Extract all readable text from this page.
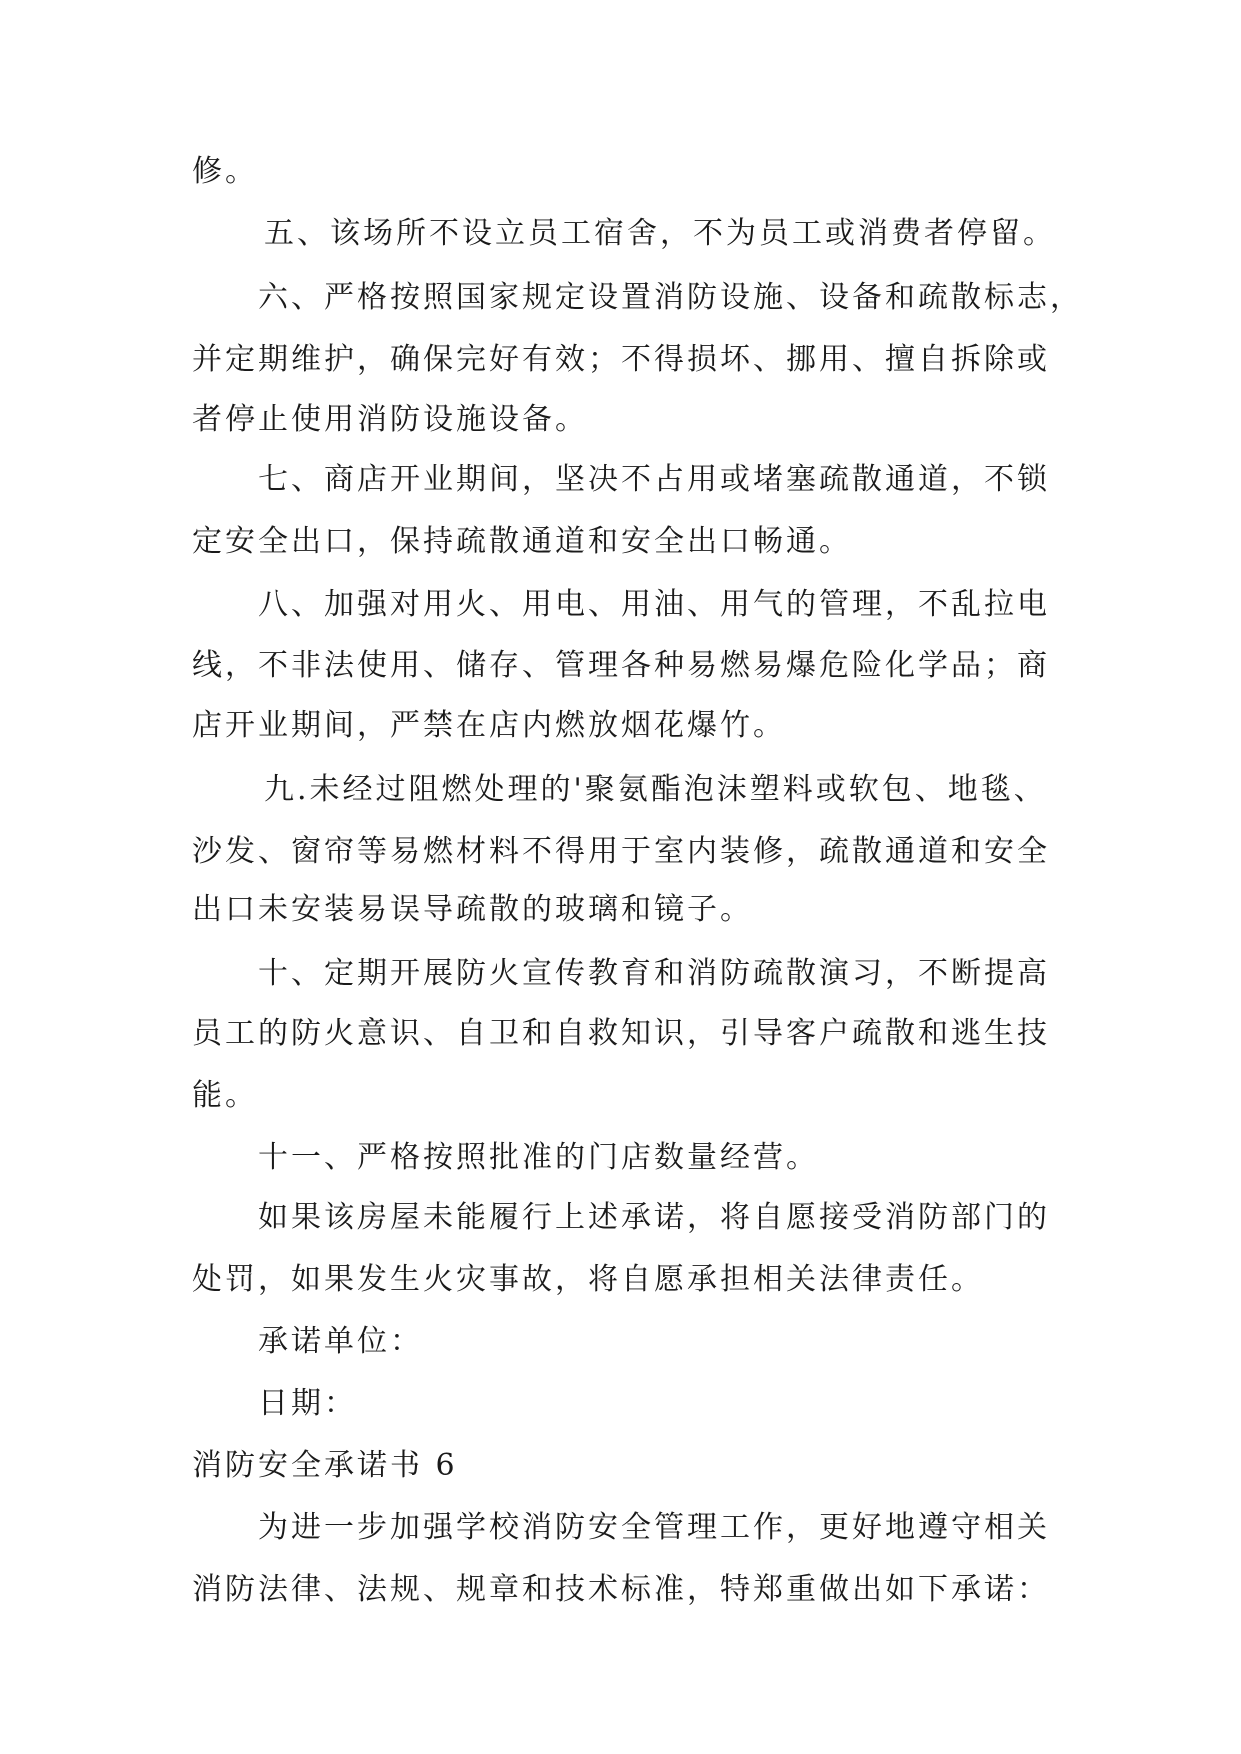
修。
五、该场所不设立员工宿舍，不为员工或消费者停留。
六、严格按照国家规定设置消防设施、设备和疏散标志，
并定期维护，确保完好有效；不得损坏、挪用、擅自拆除或
者停止使用消防设施设备。
七、商店开业期间，坚决不占用或堵塞疏散通道，不锁
定安全出口，保持疏散通道和安全出口畅通。
八、加强对用火、用电、用油、用气的管理，不乱拉电
线，不非法使用、储存、管理各种易燃易爆危险化学品；商
店开业期间，严禁在店内燃放烟花爆竹。
九.未经过阻燃处理的'聚氨酯泡沫塑料或软包、地毯、
沙发、窗帘等易燃材料不得用于室内装修，疏散通道和安全
出口未安装易误导疏散的玻璃和镜子。
十、定期开展防火宣传教育和消防疏散演习，不断提高
员工的防火意识、自卫和自救知识，引导客户疏散和逃生技
能。
十一、严格按照批准的门店数量经营。
如果该房屋未能履行上述承诺，将自愿接受消防部门的
处罚，如果发生火灾事故，将自愿承担相关法律责任。
承诺单位：
日期：
消防安全承诺书 6
为进一步加强学校消防安全管理工作，更好地遵守相关
消防法律、法规、规章和技术标准，特郑重做出如下承诺：
